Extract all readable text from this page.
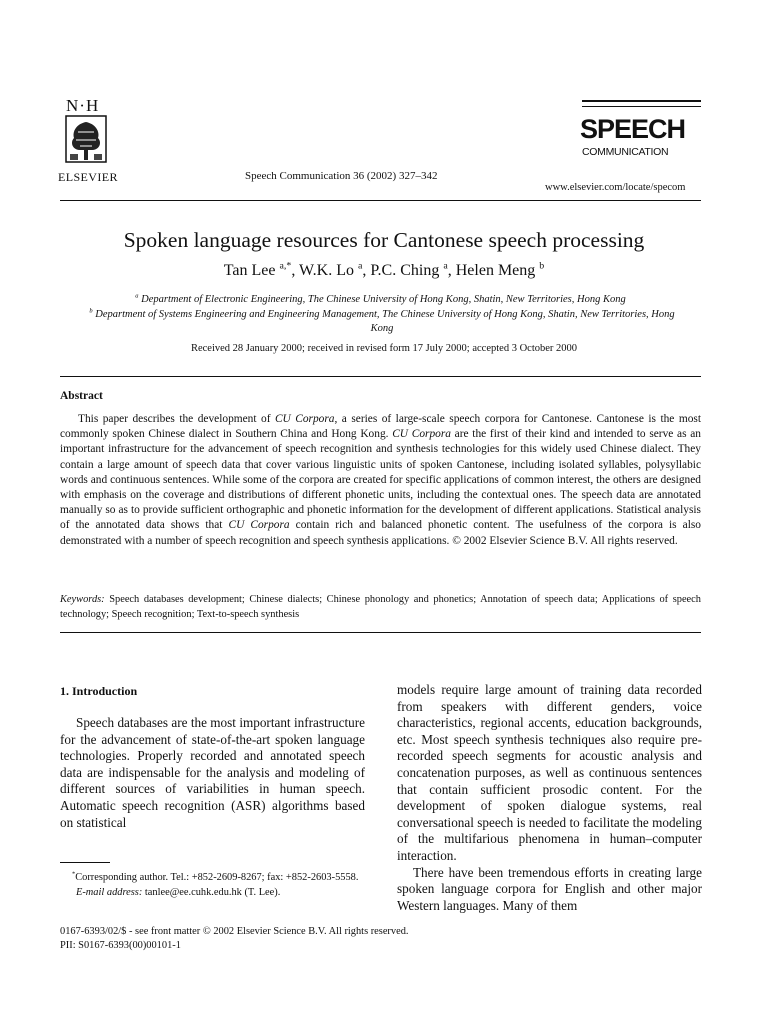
N·H
ELSEVIER	Speech Communication 36 (2002) 327–342
SPEECH
COMMUNICATION
www.elsevier.com/locate/specom
Spoken language resources for Cantonese speech processing
Tan Lee $^{a,*}$, W.K. Lo $^a$, P.C. Ching $^a$, Helen Meng $^b$
$^a$ Department of Electronic Engineering, The Chinese University of Hong Kong, Shatin, New Territories, Hong Kong
$^b$ Department of Systems Engineering and Engineering Management, The Chinese University of Hong Kong, Shatin, New Territories, Hong Kong
Received 28 January 2000; received in revised form 17 July 2000; accepted 3 October 2000
Abstract
This paper describes the development of CU Corpora, a series of large-scale speech corpora for Cantonese. Cantonese is the most commonly spoken Chinese dialect in Southern China and Hong Kong. CU Corpora are the first of their kind and intended to serve as an important infrastructure for the advancement of speech recognition and synthesis technologies for this widely used Chinese dialect. They contain a large amount of speech data that cover various linguistic units of spoken Cantonese, including isolated syllables, polysyllabic words and continuous sentences. While some of the corpora are created for specific applications of common interest, the others are designed with emphasis on the coverage and distributions of different phonetic units, including the contextual ones. The speech data are annotated manually so as to provide sufficient orthographic and phonetic information for the development of different applications. Statistical analysis of the annotated data shows that CU Corpora contain rich and balanced phonetic content. The usefulness of the corpora is also demonstrated with a number of speech recognition and speech synthesis applications. © 2002 Elsevier Science B.V. All rights reserved.
Keywords: Speech databases development; Chinese dialects; Chinese phonology and phonetics; Annotation of speech data; Applications of speech technology; Speech recognition; Text-to-speech synthesis
1. Introduction

Speech databases are the most important infrastructure for the advancement of state-of-the-art spoken language technologies. Properly recorded and annotated speech data are indispensable for the analysis and modeling of different sources of variabilities in human speech. Automatic speech recognition (ASR) algorithms based on statistical

models require large amount of training data recorded from speakers with different genders, voice characteristics, regional accents, education backgrounds, etc. Most speech synthesis techniques also require pre-recorded speech segments for acoustic analysis and concatenation purposes, as well as continuous sentences that contain sufficient prosodic content. For the development of spoken dialogue systems, real conversational speech is needed to facilitate the modeling of the multifarious phenomena in human–computer interaction.

There have been tremendous efforts in creating large spoken language corpora for English and other major Western languages. Many of them

*Corresponding author. Tel.: +852-2609-8267; fax: +852-2603-5558.
E-mail address: tanlee@ee.cuhk.edu.hk (T. Lee).
0167-6393/02/$ - see front matter © 2002 Elsevier Science B.V. All rights reserved.
PII: S0167-6393(00)00101-1
